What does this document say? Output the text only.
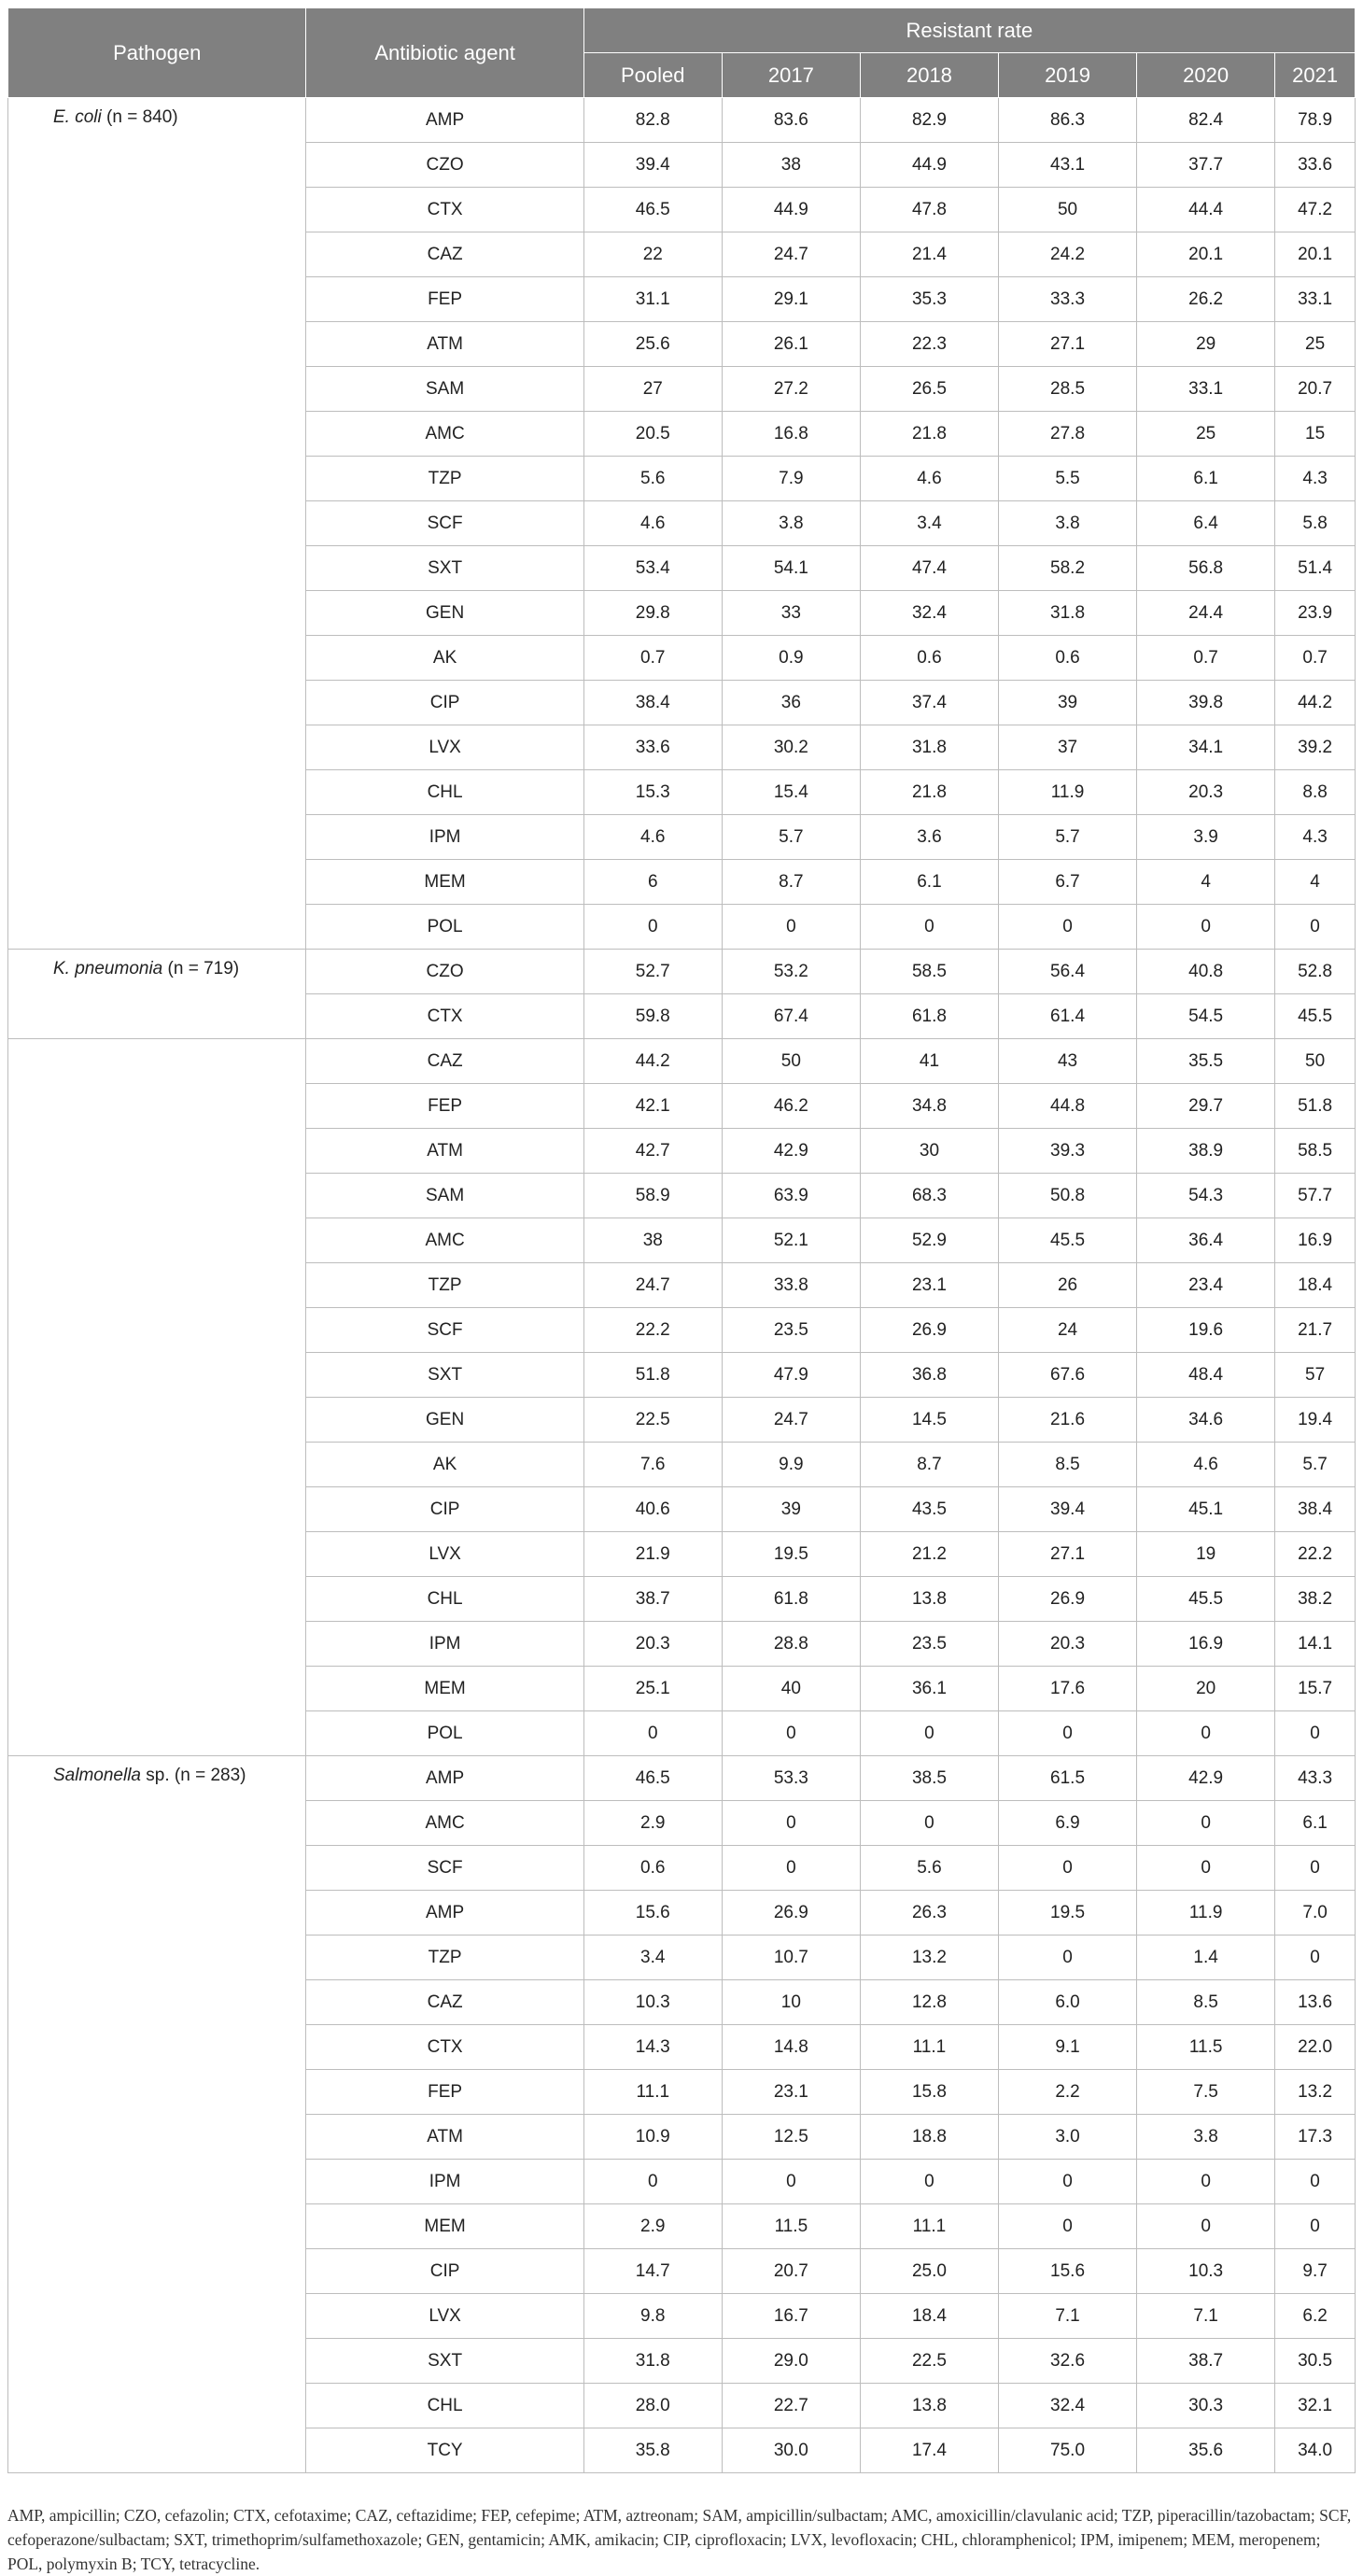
Pathogen	Antibiotic agent	Resistant rate					
		Pooled	2017	2018	2019	2020	2021
E. coli (n = 840)	AMP	82.8	83.6	82.9	86.3	82.4	78.9
	CZO	39.4	38	44.9	43.1	37.7	33.6
	CTX	46.5	44.9	47.8	50	44.4	47.2
	CAZ	22	24.7	21.4	24.2	20.1	20.1
	FEP	31.1	29.1	35.3	33.3	26.2	33.1
	ATM	25.6	26.1	22.3	27.1	29	25
	SAM	27	27.2	26.5	28.5	33.1	20.7
	AMC	20.5	16.8	21.8	27.8	25	15
	TZP	5.6	7.9	4.6	5.5	6.1	4.3
	SCF	4.6	3.8	3.4	3.8	6.4	5.8
	SXT	53.4	54.1	47.4	58.2	56.8	51.4
	GEN	29.8	33	32.4	31.8	24.4	23.9
	AK	0.7	0.9	0.6	0.6	0.7	0.7
	CIP	38.4	36	37.4	39	39.8	44.2
	LVX	33.6	30.2	31.8	37	34.1	39.2
	CHL	15.3	15.4	21.8	11.9	20.3	8.8
	IPM	4.6	5.7	3.6	5.7	3.9	4.3
	MEM	6	8.7	6.1	6.7	4	4
	POL	0	0	0	0	0	0
K. pneumonia (n = 719)	CZO	52.7	53.2	58.5	56.4	40.8	52.8
	CTX	59.8	67.4	61.8	61.4	54.5	45.5
	CAZ	44.2	50	41	43	35.5	50
	FEP	42.1	46.2	34.8	44.8	29.7	51.8
	ATM	42.7	42.9	30	39.3	38.9	58.5
	SAM	58.9	63.9	68.3	50.8	54.3	57.7
	AMC	38	52.1	52.9	45.5	36.4	16.9
	TZP	24.7	33.8	23.1	26	23.4	18.4
	SCF	22.2	23.5	26.9	24	19.6	21.7
	SXT	51.8	47.9	36.8	67.6	48.4	57
	GEN	22.5	24.7	14.5	21.6	34.6	19.4
	AK	7.6	9.9	8.7	8.5	4.6	5.7
	CIP	40.6	39	43.5	39.4	45.1	38.4
	LVX	21.9	19.5	21.2	27.1	19	22.2
	CHL	38.7	61.8	13.8	26.9	45.5	38.2
	IPM	20.3	28.8	23.5	20.3	16.9	14.1
	MEM	25.1	40	36.1	17.6	20	15.7
	POL	0	0	0	0	0	0
Salmonella sp. (n = 283)	AMP	46.5	53.3	38.5	61.5	42.9	43.3
	AMC	2.9	0	0	6.9	0	6.1
	SCF	0.6	0	5.6	0	0	0
	AMP	15.6	26.9	26.3	19.5	11.9	7.0
	TZP	3.4	10.7	13.2	0	1.4	0
	CAZ	10.3	10	12.8	6.0	8.5	13.6
	CTX	14.3	14.8	11.1	9.1	11.5	22.0
	FEP	11.1	23.1	15.8	2.2	7.5	13.2
	ATM	10.9	12.5	18.8	3.0	3.8	17.3
	IPM	0	0	0	0	0	0
	MEM	2.9	11.5	11.1	0	0	0
	CIP	14.7	20.7	25.0	15.6	10.3	9.7
	LVX	9.8	16.7	18.4	7.1	7.1	6.2
	SXT	31.8	29.0	22.5	32.6	38.7	30.5
	CHL	28.0	22.7	13.8	32.4	30.3	32.1
	TCY	35.8	30.0	17.4	75.0	35.6	34.0
AMP, ampicillin; CZO, cefazolin; CTX, cefotaxime; CAZ, ceftazidime; FEP, cefepime; ATM, aztreonam; SAM, ampicillin/sulbactam; AMC, amoxicillin/clavulanic acid; TZP, piperacillin/tazobactam; SCF, cefoperazone/sulbactam; SXT, trimethoprim/sulfamethoxazole; GEN, gentamicin; AMK, amikacin; CIP, ciprofloxacin; LVX, levofloxacin; CHL, chloramphenicol; IPM, imipenem; MEM, meropenem; POL, polymyxin B; TCY, tetracycline.
